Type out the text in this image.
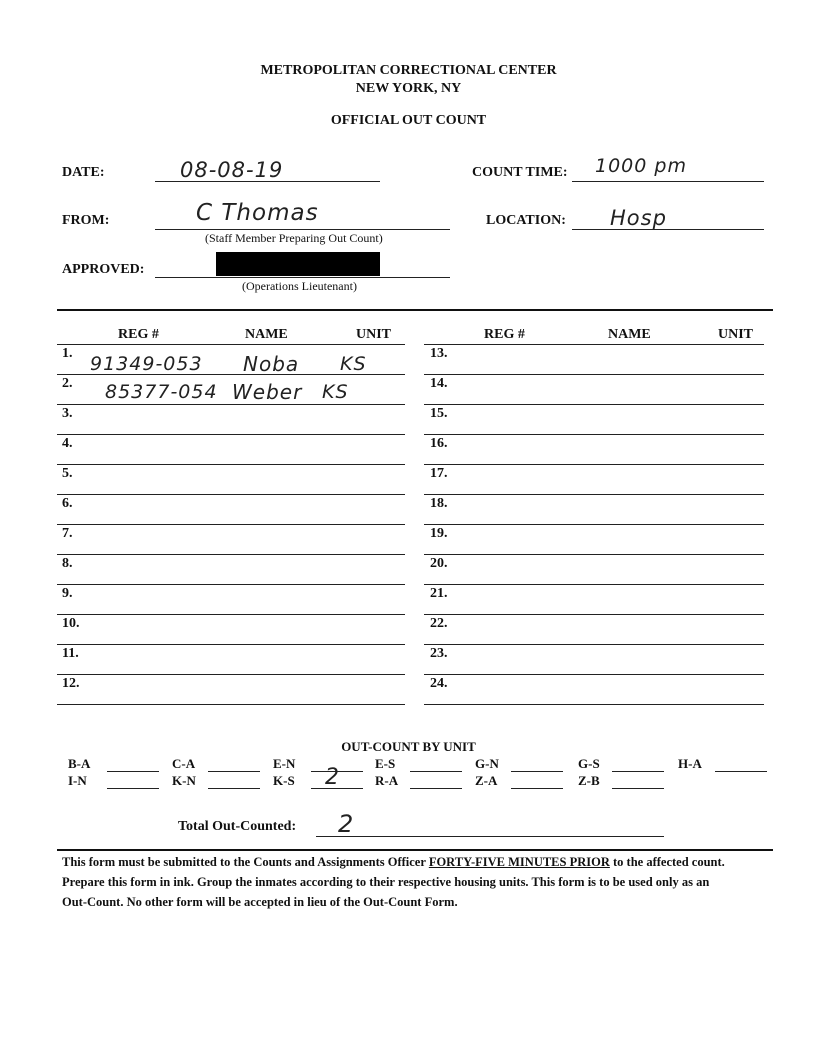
METROPOLITAN CORRECTIONAL CENTER
NEW YORK, NY
OFFICIAL OUT COUNT
DATE:	08-08-19	COUNT TIME: 1000 pm
FROM:	C Thomas
(Staff Member Preparing Out Count)
LOCATION: Hosp
APPROVED:
(Operations Lieutenant)
REG #	NAME	UNIT	REG #	NAME	UNIT
1. 91349-053 Noba KS
2. 85377-054 Weber KS
3.
4.
5.
6.
7.
8.
9.
10.
11.
12.
13.
14.
15.
16.
17.
18.
19.
20.
21.
22.
23.
24.
OUT-COUNT BY UNIT
B-A	C-A	E-N	E-S	G-N	G-S	H-A
I-N	K-N	K-S 2	R-A	Z-A	Z-B
Total Out-Counted: 2
This form must be submitted to the Counts and Assignments Officer FORTY-FIVE MINUTES PRIOR to the affected count.
Prepare this form in ink. Group the inmates according to their respective housing units. This form is to be used only as an
Out-Count. No other form will be accepted in lieu of the Out-Count Form.
